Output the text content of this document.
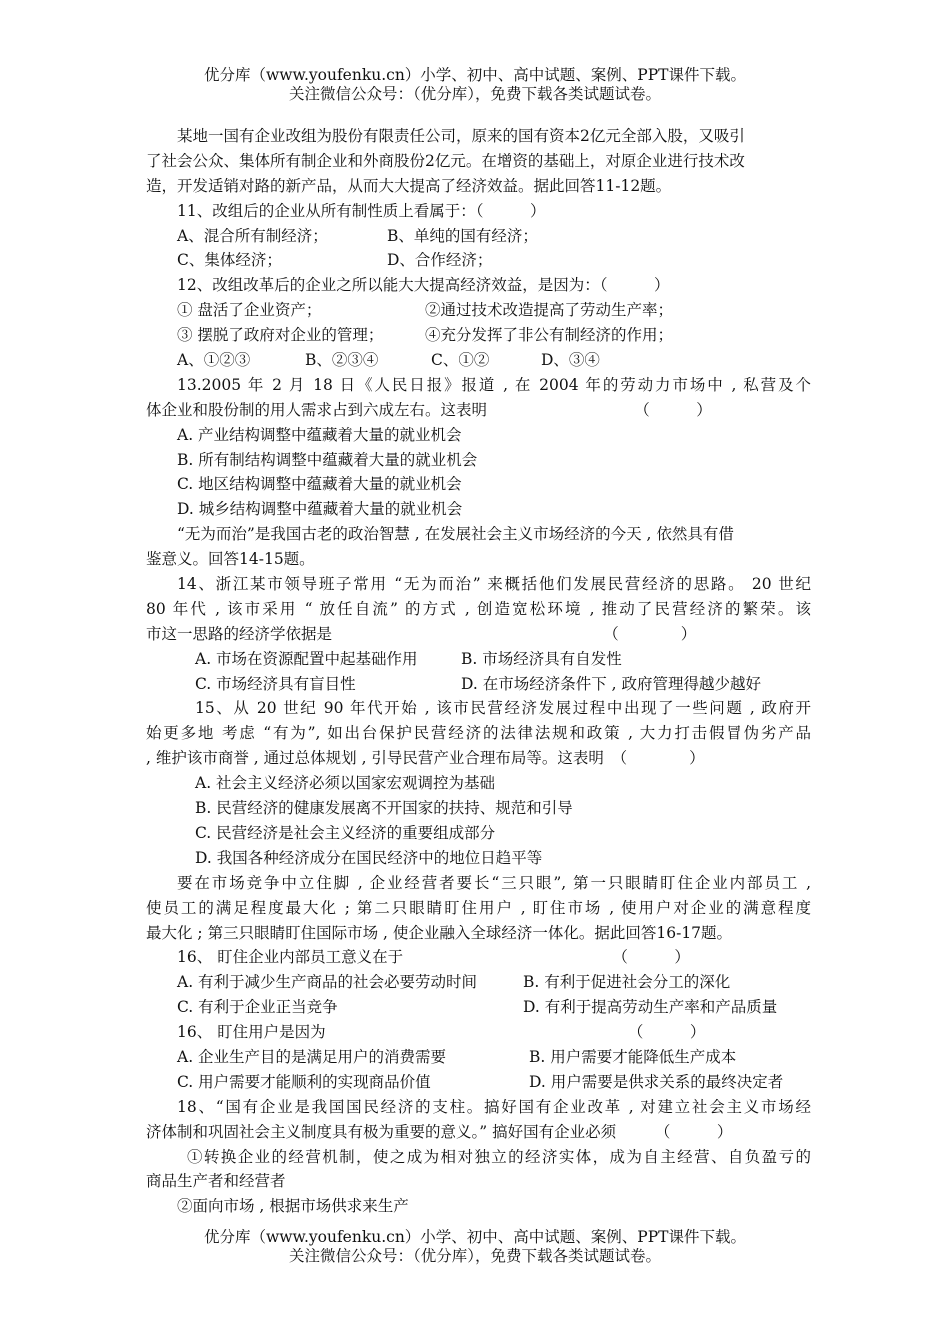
优分库（www.youfenku.cn）小学、初中、高中试题、案例、PPT课件下载。
关注微信公众号：（优分库），免费下载各类试题试卷。
某地一国有企业改组为股份有限责任公司，原来的国有资本2亿元全部入股，又吸引
了社会公众、集体所有制企业和外商股份2亿元。在增资的基础上，对原企业进行技术改
造，开发适销对路的新产品，从而大大提高了经济效益。据此回答11-12题。
11、改组后的企业从所有制性质上看属于：（　　　）
A、混合所有制经济；	B、单纯的国有经济；
C、集体经济；	D、合作经济；
12、改组改革后的企业之所以能大大提高经济效益，是因为：（　　　）
① 盘活了企业资产；	②通过技术改造提高了劳动生产率；
③ 摆脱了政府对企业的管理；	④充分发挥了非公有制经济的作用；
A、①②③	B、②③④	C、①②	D、③④
13.2005 年 2 月 18 日《人民日报》报道 , 在 2004 年的劳动力市场中 , 私营及个
体企业和股份制的用人需求占到六成左右。这表明　　　　　　　　　　（　　　）
A. 产业结构调整中蕴藏着大量的就业机会
B. 所有制结构调整中蕴藏着大量的就业机会
C. 地区结构调整中蕴藏着大量的就业机会
D. 城乡结构调整中蕴藏着大量的就业机会
“无为而治”是我国古老的政治智慧 , 在发展社会主义市场经济的今天 , 依然具有借
鉴意义。回答14-15题。
14、浙江某市领导班子常用 “无为而治” 来概括他们发展民营经济的思路。 20 世纪
80 年代 , 该市采用 “ 放任自流” 的方式 , 创造宽松环境 , 推动了民营经济的繁荣。该
市这一思路的经济学依据是　　　　　　　　　　　　　　　　　　（　　　　）
A. 市场在资源配置中起基础作用	B. 市场经济具有自发性
C. 市场经济具有盲目性	D. 在市场经济条件下 , 政府管理得越少越好
15、从 20 世纪 90 年代开始 , 该市民营经济发展过程中出现了一些问题 , 政府开
始更多地 考虑 “有为”, 如出台保护民营经济的法律法规和政策 , 大力打击假冒伪劣产品
, 维护该市商誉 , 通过总体规划 , 引导民营产业合理布局等。这表明　（　　　　）
A. 社会主义经济必须以国家宏观调控为基础
B. 民营经济的健康发展离不开国家的扶持、规范和引导
C. 民营经济是社会主义经济的重要组成部分
D. 我国各种经济成分在国民经济中的地位日趋平等
要在市场竞争中立住脚 , 企业经营者要长“三只眼”, 第一只眼睛盯住企业内部员工 ,
使员工的满足程度最大化 ; 第二只眼睛盯住用户 , 盯住市场 , 使用户对企业的满意程度
最大化 ; 第三只眼睛盯住国际市场 , 使企业融入全球经济一体化。据此回答16-17题。
16、 盯住企业内部员工意义在于　　　　　　　　　　　　　　（　　　）
A. 有利于减少生产商品的社会必要劳动时间	B. 有利于促进社会分工的深化
C. 有利于企业正当竞争	D. 有利于提高劳动生产率和产品质量
16、 盯住用户是因为　　　　　　　　　　　　　　　　　　　　（　　　）
A. 企业生产目的是满足用户的消费需要	B. 用户需要才能降低生产成本
C. 用户需要才能顺利的实现商品价值	D. 用户需要是供求关系的最终决定者
18、“国有企业是我国国民经济的支柱。搞好国有企业改革 , 对建立社会主义市场经
济体制和巩固社会主义制度具有极为重要的意义。” 搞好国有企业必须　　　（　　　）
①转换企业的经营机制，使之成为相对独立的经济实体，成为自主经营、自负盈亏的
商品生产者和经营者
②面向市场 , 根据市场供求来生产
优分库（www.youfenku.cn）小学、初中、高中试题、案例、PPT课件下载。
关注微信公众号：（优分库），免费下载各类试题试卷。
